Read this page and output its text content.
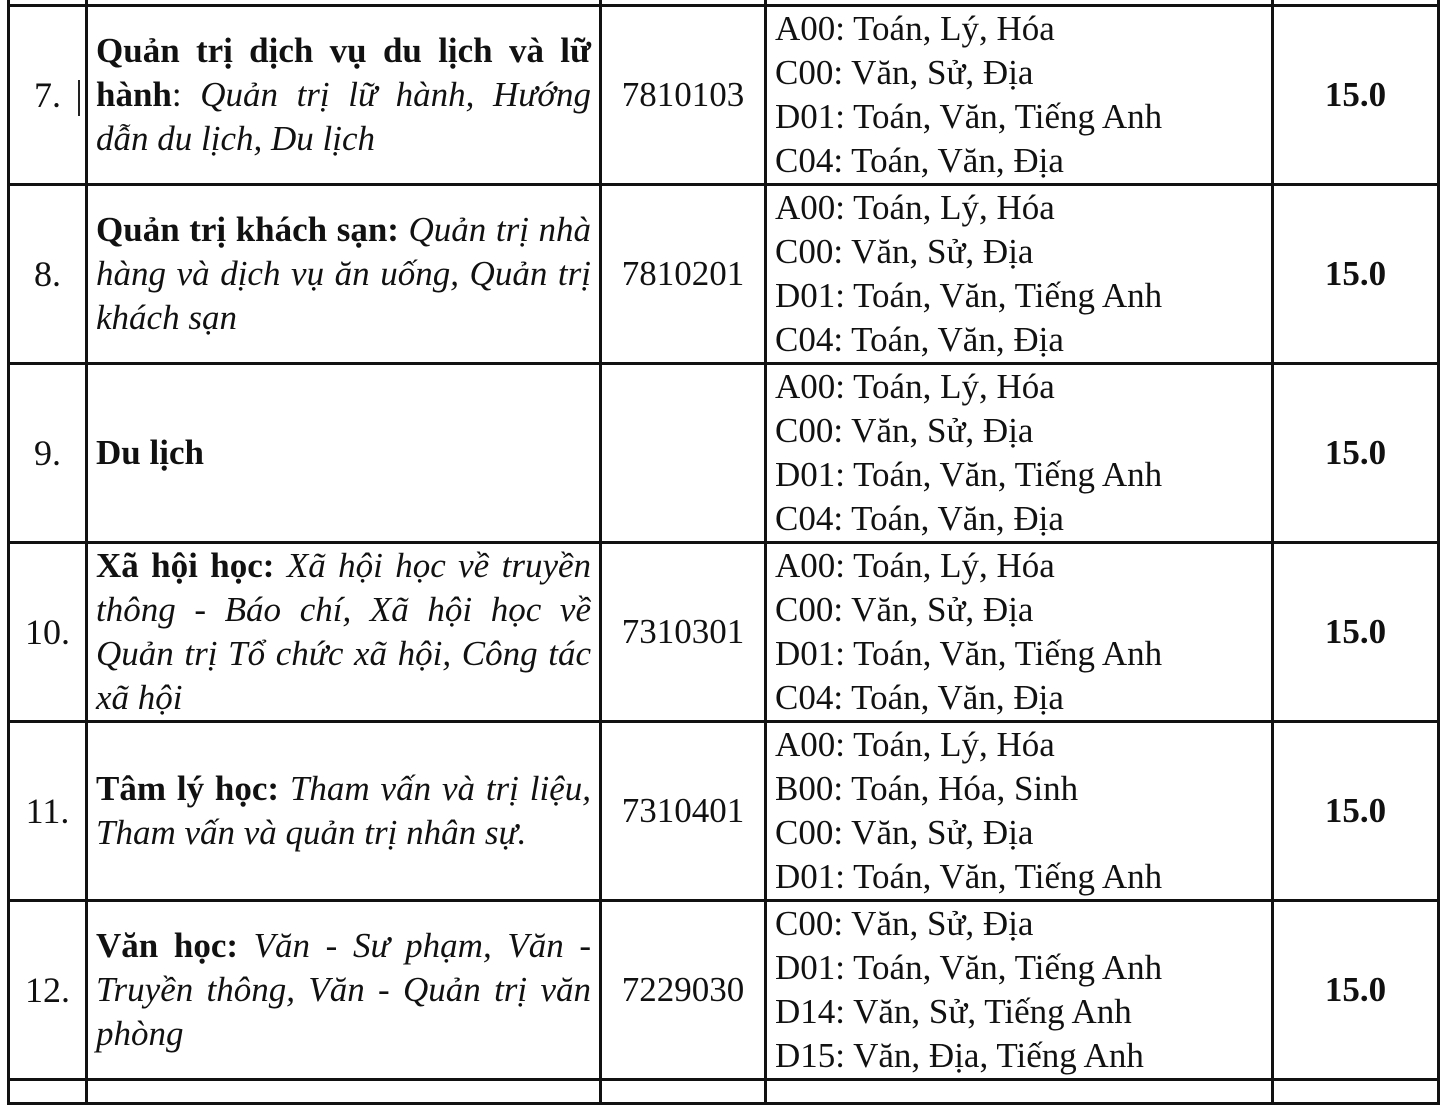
7.	Quản trị dịch vụ du lịch và lữ hành: Quản trị lữ hành, Hướng dẫn du lịch, Du lịch	7810103	A00: Toán, Lý, Hóa
C00: Văn, Sử, Địa
D01: Toán, Văn, Tiếng Anh
C04: Toán, Văn, Địa	15.0
8.	Quản trị khách sạn: Quản trị nhà hàng và dịch vụ ăn uống, Quản trị khách sạn	7810201	A00: Toán, Lý, Hóa
C00: Văn, Sử, Địa
D01: Toán, Văn, Tiếng Anh
C04: Toán, Văn, Địa	15.0
9.	Du lịch		A00: Toán, Lý, Hóa
C00: Văn, Sử, Địa
D01: Toán, Văn, Tiếng Anh
C04: Toán, Văn, Địa	15.0
10.	Xã hội học: Xã hội học về truyền thông - Báo chí, Xã hội học về Quản trị Tổ chức xã hội, Công tác xã hội	7310301	A00: Toán, Lý, Hóa
C00: Văn, Sử, Địa
D01: Toán, Văn, Tiếng Anh
C04: Toán, Văn, Địa	15.0
11.	Tâm lý học: Tham vấn và trị liệu, Tham vấn và quản trị nhân sự.	7310401	A00: Toán, Lý, Hóa
B00: Toán, Hóa, Sinh
C00: Văn, Sử, Địa
D01: Toán, Văn, Tiếng Anh	15.0
12.	Văn học: Văn - Sư phạm, Văn - Truyền thông, Văn - Quản trị văn phòng	7229030	C00: Văn, Sử, Địa
D01: Toán, Văn, Tiếng Anh
D14: Văn, Sử, Tiếng Anh
D15: Văn, Địa, Tiếng Anh	15.0
